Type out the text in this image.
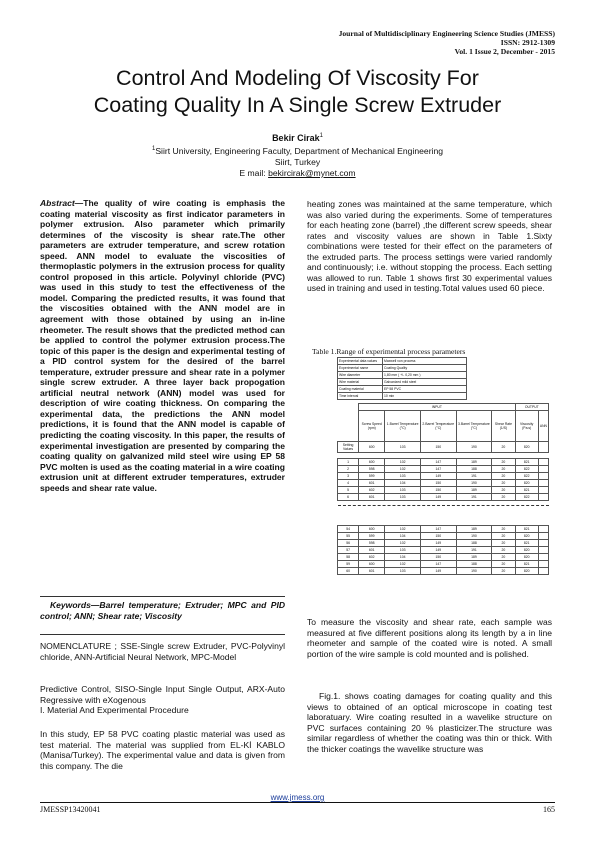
Journal of Multidisciplinary Engineering Science Studies (JMESS)
ISSN: 2912-1309
Vol. 1 Issue 2, December - 2015
Control And Modeling Of Viscosity For
Coating Quality In A Single Screw Extruder
Bekir Cirak$^1$
$^1$Siirt University, Engineering Faculty, Department of Mechanical Engineering
Siirt, Turkey
E mail: bekircirak@mynet.com
Abstract—The quality of wire coating is emphasis the coating material viscosity as first indicator parameters in polymer extrusion. Also parameter which primarily determines of the viscosity is shear rate.The other parameters are extruder temperature, and screw rotation speed. ANN model to evaluate the viscosities of thermoplastic polymers in the extrusion process for quality control proposed in this article. Polyvinyl chloride (PVC) was used in this study to test the effectiveness of the model. Comparing the predicted results, it was found that the viscosities obtained with the ANN model are in agreement with those obtained by using an in-line rheometer. The result shows that the predicted method can be applied to control the polymer extrusion process.The topic of this paper is the design and experimental testing of a PID control system for the desired of the barrel temperature, extruder pressure and shear rate in a polymer single screw extruder. A three layer back propogation artificial neutral network (ANN) model was used for description of wire coating thickness. On comparing the experimental data, the predictions the ANN model predictions, it is found that the ANN model is capable of predicting the coating viscosity. In this paper, the results of experimental investigation are presented by comparing the coating quality on galvanized mild steel wire using EP 58 PVC molten is used as the coating material in a wire coating extrusion unit at different extruder temperatures, extruder speeds and shear rate value.
Keywords—Barrel temperature; Extruder; MPC and PID control; ANN; Shear rate; Viscosity
NOMENCLATURE ; SSE-Single screw Extruder, PVC-Polyvinyl chloride, ANN-Artificial Neural Network, MPC-Model
Predictive Control, SISO-Single Input Single Output, ARX-Auto Regressive with eXogenous
I. Material And Experimental Procedure
In this study, EP 58 PVC coating plastic material was used as test material. The material was supplied from EL-Kİ KABLO (Manisa/Turkey). The experimental value and data is given from this company. The die
heating zones was maintained at the same temperature, which was also varied during the experiments. Some of temperatures for each heating zone (barrel) ,the different screw speeds, shear rates and viscosity values are shown in Table 1.Sixty combinations were tested for their effect on the parameters of the extruded parts. The process settings were varied randomly and continuously; i.e. without stopping the process. Each setting was allowed to run. Table 1 shows first 30 experimental values used in training and used in testing.Total values used 60 piece.
Table 1.Range of experimental process parameters
Experimental data values	Maxwell von process
Experimental name	Coating Quality
Wire diameter	1,80 mm ( +/- 0,20 mm )
Wire material	Galvanized mild steel
Coating material	EP 58 PVC
Time interval	10 min
	INPUT					OUTPUT	
	Screw Speed (rpm)	1.Barrel Temperature (°C)	2.Barrel Temperature (°C)	3.Barrel Temperature (°C)	Shear Rate (1/S)	Viscosity (Pa.s)	ANN
Setting Values	600	103	150	190	20	820	

1	600	102	147	189	20	821	
2	598	102	147	188	20	822	
3	599	103	149	191	20	822	
4	601	104	150	190	20	820	
5	602	103	150	189	20	821	
6	601	103	149	191	20	822	

54	600	102	147	189	20	821	
55	599	104	150	190	20	820	
56	598	102	149	188	20	821	
57	601	103	149	191	20	820	
58	602	104	150	189	20	820	
59	600	102	147	188	20	821	
60	601	103	149	190	20	820	
To measure the viscosity and shear rate, each sample was measured at five different positions along its length by a in line rheometer and sample of the coated wire is noted. A small portion of the wire sample is cold mounted and is polished.
Fig.1. shows coating damages for coating quality and this views to obtained of an optical microscope in coating test laboratuary. Wire coating resulted in a wavelike structure on PVC surfaces containing 20 % plasticizer.The structure was similar regardless of whether the coating was thin or thick. With the thicker coatings the wavelike structure was
www.jmess.org
JMESSP13420041	165
